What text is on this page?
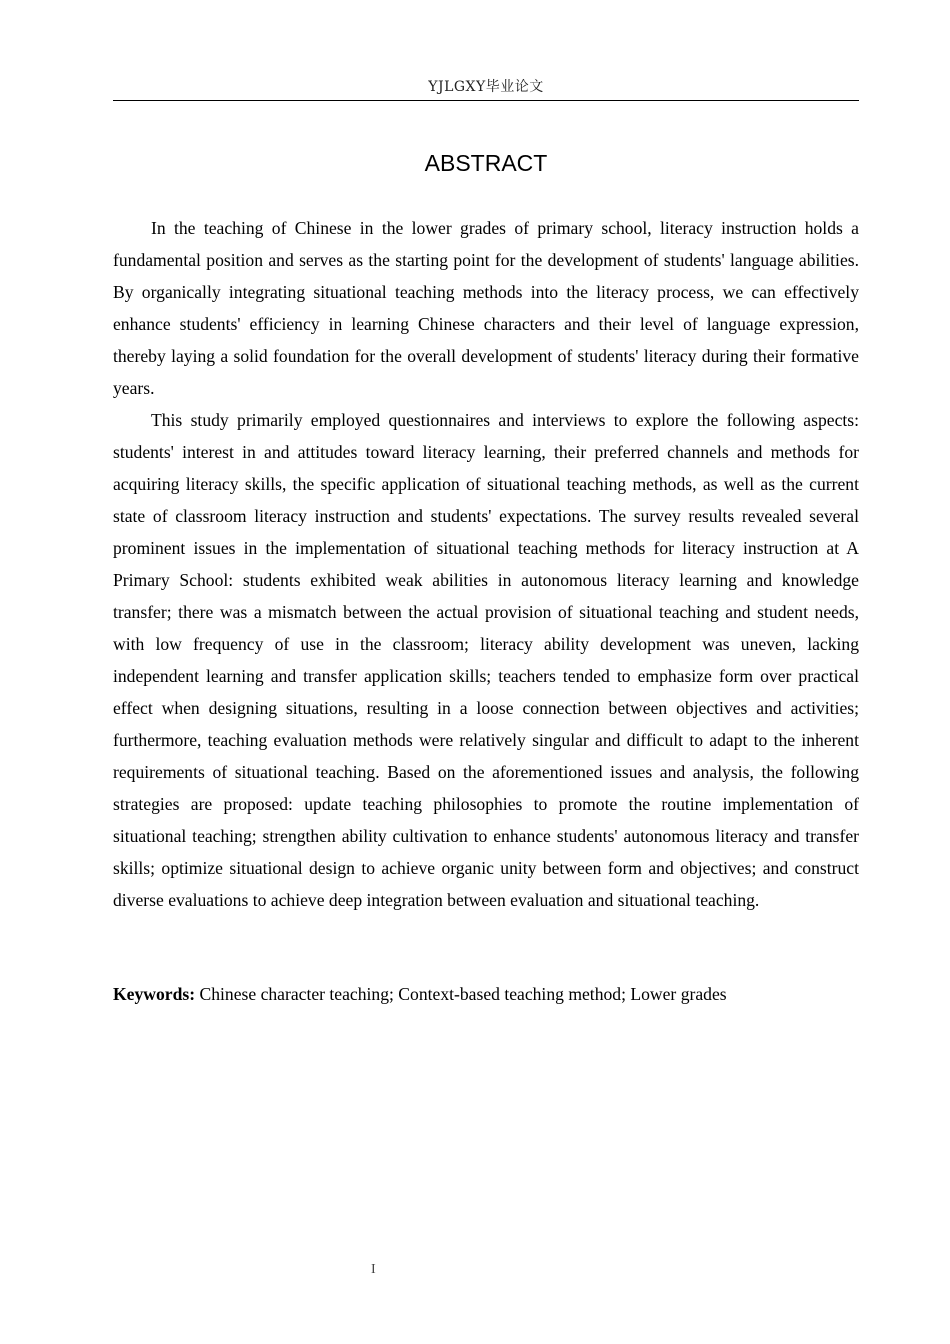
YJLGXY毕业论文
ABSTRACT

In the teaching of Chinese in the lower grades of primary school, literacy instruction holds a fundamental position and serves as the starting point for the development of students' language abilities. By organically integrating situational teaching methods into the literacy process, we can effectively enhance students' efficiency in learning Chinese characters and their level of language expression, thereby laying a solid foundation for the overall development of students' literacy during their formative years.

This study primarily employed questionnaires and interviews to explore the following aspects: students' interest in and attitudes toward literacy learning, their preferred channels and methods for acquiring literacy skills, the specific application of situational teaching methods, as well as the current state of classroom literacy instruction and students' expectations. The survey results revealed several prominent issues in the implementation of situational teaching methods for literacy instruction at A Primary School: students exhibited weak abilities in autonomous literacy learning and knowledge transfer; there was a mismatch between the actual provision of situational teaching and student needs, with low frequency of use in the classroom; literacy ability development was uneven, lacking independent learning and transfer application skills; teachers tended to emphasize form over practical effect when designing situations, resulting in a loose connection between objectives and activities; furthermore, teaching evaluation methods were relatively singular and difficult to adapt to the inherent requirements of situational teaching. Based on the aforementioned issues and analysis, the following strategies are proposed: update teaching philosophies to promote the routine implementation of situational teaching; strengthen ability cultivation to enhance students' autonomous literacy and transfer skills; optimize situational design to achieve organic unity between form and objectives; and construct diverse evaluations to achieve deep integration between evaluation and situational teaching.

Keywords: Chinese character teaching; Context-based teaching method; Lower grades

I
